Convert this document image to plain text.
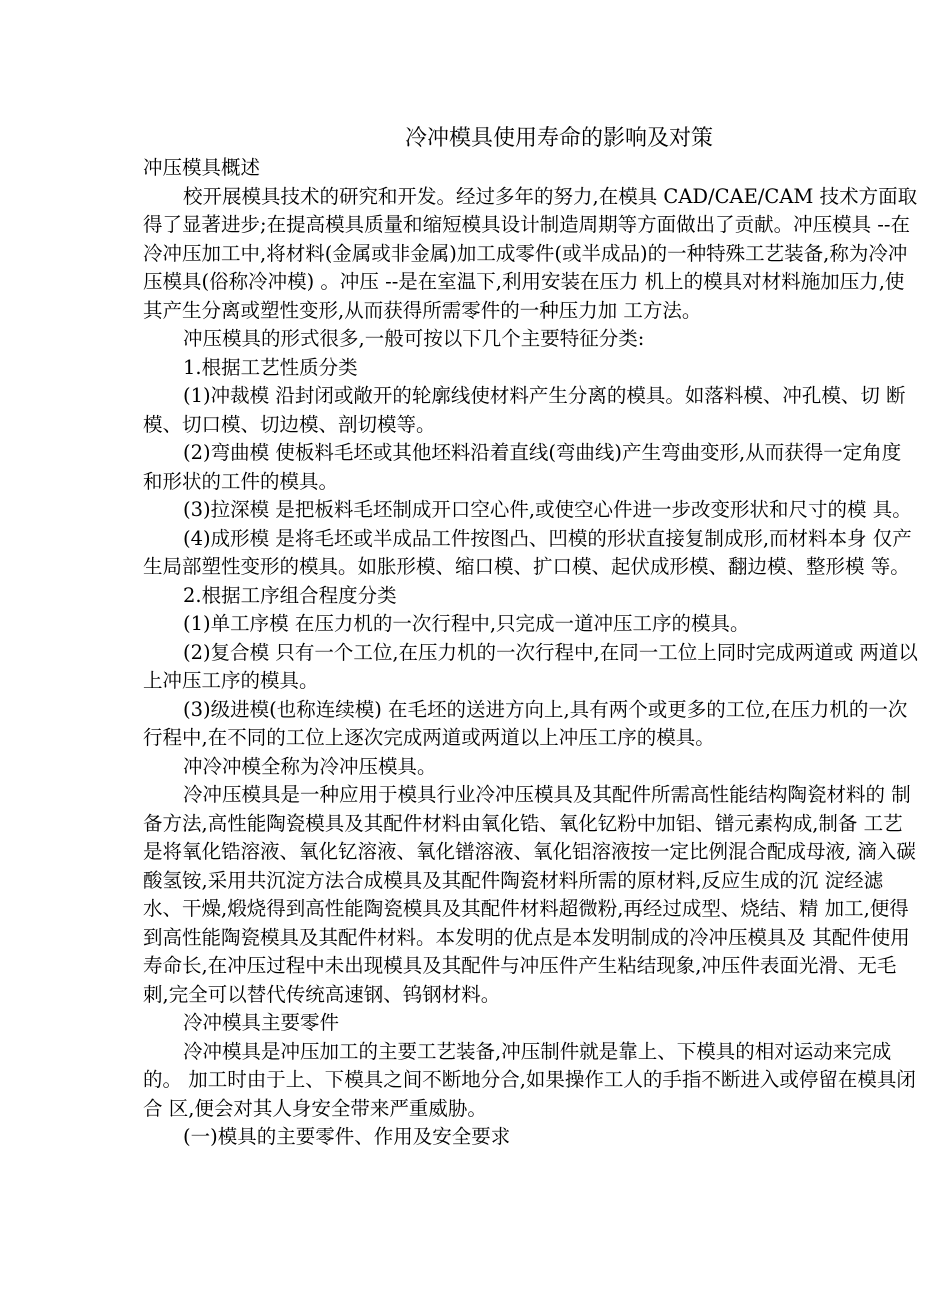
冷冲模具使用寿命的影响及对策

冲压模具概述

校开展模具技术的研究和开发。经过多年的努力,在模具 CAD/CAE/CAM 技术方面取 得了显著进步;在提高模具质量和缩短模具设计制造周期等方面做出了贡献。冲压模具 --在冷冲压加工中,将材料(金属或非金属)加工成零件(或半成品)的一种特殊工艺装备,称为冷冲压模具(俗称冷冲模) 。冲压 --是在室温下,利用安装在压力 机上的模具对材料施加压力,使其产生分离或塑性变形,从而获得所需零件的一种压力加 工方法。

冲压模具的形式很多,一般可按以下几个主要特征分类:

1.根据工艺性质分类

(1)冲裁模 沿封闭或敞开的轮廓线使材料产生分离的模具。如落料模、冲孔模、切 断模、切口模、切边模、剖切模等。

(2)弯曲模 使板料毛坯或其他坯料沿着直线(弯曲线)产生弯曲变形,从而获得一定角度和形状的工件的模具。

(3)拉深模 是把板料毛坯制成开口空心件,或使空心件进一步改变形状和尺寸的模 具。

(4)成形模 是将毛坯或半成品工件按图凸、凹模的形状直接复制成形,而材料本身 仅产生局部塑性变形的模具。如胀形模、缩口模、扩口模、起伏成形模、翻边模、整形模 等。

2.根据工序组合程度分类

(1)单工序模 在压力机的一次行程中,只完成一道冲压工序的模具。

(2)复合模 只有一个工位,在压力机的一次行程中,在同一工位上同时完成两道或 两道以上冲压工序的模具。

(3)级进模(也称连续模) 在毛坯的送进方向上,具有两个或更多的工位,在压力机的一次行程中,在不同的工位上逐次完成两道或两道以上冲压工序的模具。

冲冷冲模全称为冷冲压模具。

冷冲压模具是一种应用于模具行业冷冲压模具及其配件所需高性能结构陶瓷材料的 制备方法,高性能陶瓷模具及其配件材料由氧化锆、氧化钇粉中加铝、镨元素构成,制备 工艺是将氧化锆溶液、氧化钇溶液、氧化镨溶液、氧化铝溶液按一定比例混合配成母液, 滴入碳酸氢铵,采用共沉淀方法合成模具及其配件陶瓷材料所需的原材料,反应生成的沉 淀经滤水、干燥,煅烧得到高性能陶瓷模具及其配件材料超微粉,再经过成型、烧结、精 加工,便得到高性能陶瓷模具及其配件材料。本发明的优点是本发明制成的冷冲压模具及 其配件使用寿命长,在冲压过程中未出现模具及其配件与冲压件产生粘结现象,冲压件表面光滑、无毛刺,完全可以替代传统高速钢、钨钢材料。

冷冲模具主要零件

冷冲模具是冲压加工的主要工艺装备,冲压制件就是靠上、下模具的相对运动来完成的。 加工时由于上、下模具之间不断地分合,如果操作工人的手指不断进入或停留在模具闭合 区,便会对其人身安全带来严重威胁。

(一)模具的主要零件、作用及安全要求
